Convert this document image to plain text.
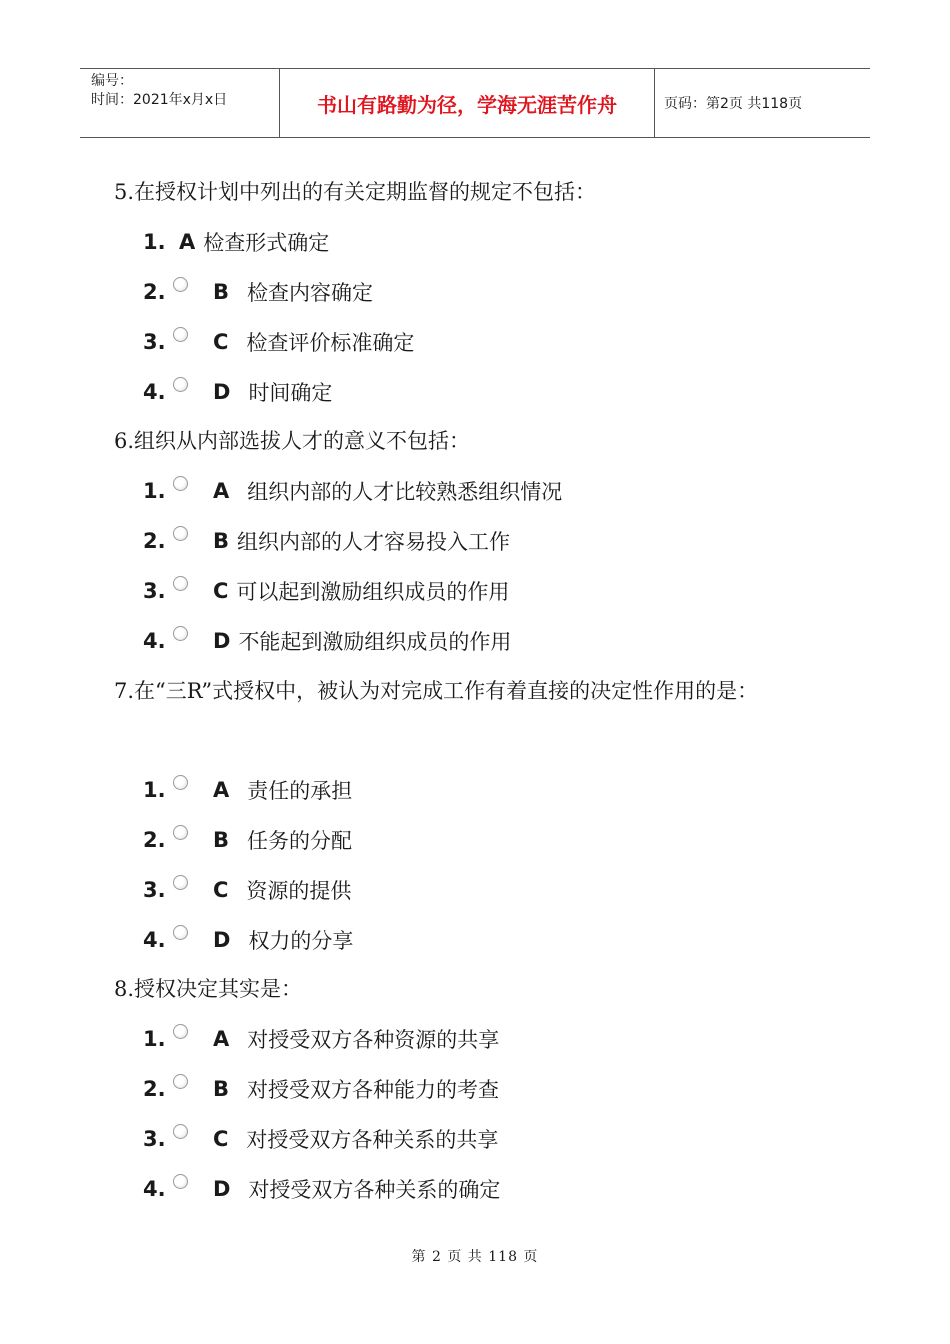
编号：
时间：2021年x月x日	书山有路勤为径，学海无涯苦作舟	页码：第2页 共118页
5.在授权计划中列出的有关定期监督的规定不包括：
1. A 检查形式确定
2.	B 检查内容确定
3.	C 检查评价标准确定
4.	D 时间确定
6.组织从内部选拔人才的意义不包括：
1.	A 组织内部的人才比较熟悉组织情况
2.	B 组织内部的人才容易投入工作
3.	C 可以起到激励组织成员的作用
4.	D 不能起到激励组织成员的作用
7.在“三R”式授权中，被认为对完成工作有着直接的决定性作用的是：
1.	A 责任的承担
2.	B 任务的分配
3.	C 资源的提供
4.	D 权力的分享
8.授权决定其实是：
1.	A 对授受双方各种资源的共享
2.	B 对授受双方各种能力的考查
3.	C 对授受双方各种关系的共享
4.	D 对授受双方各种关系的确定
第 2 页 共 118 页
